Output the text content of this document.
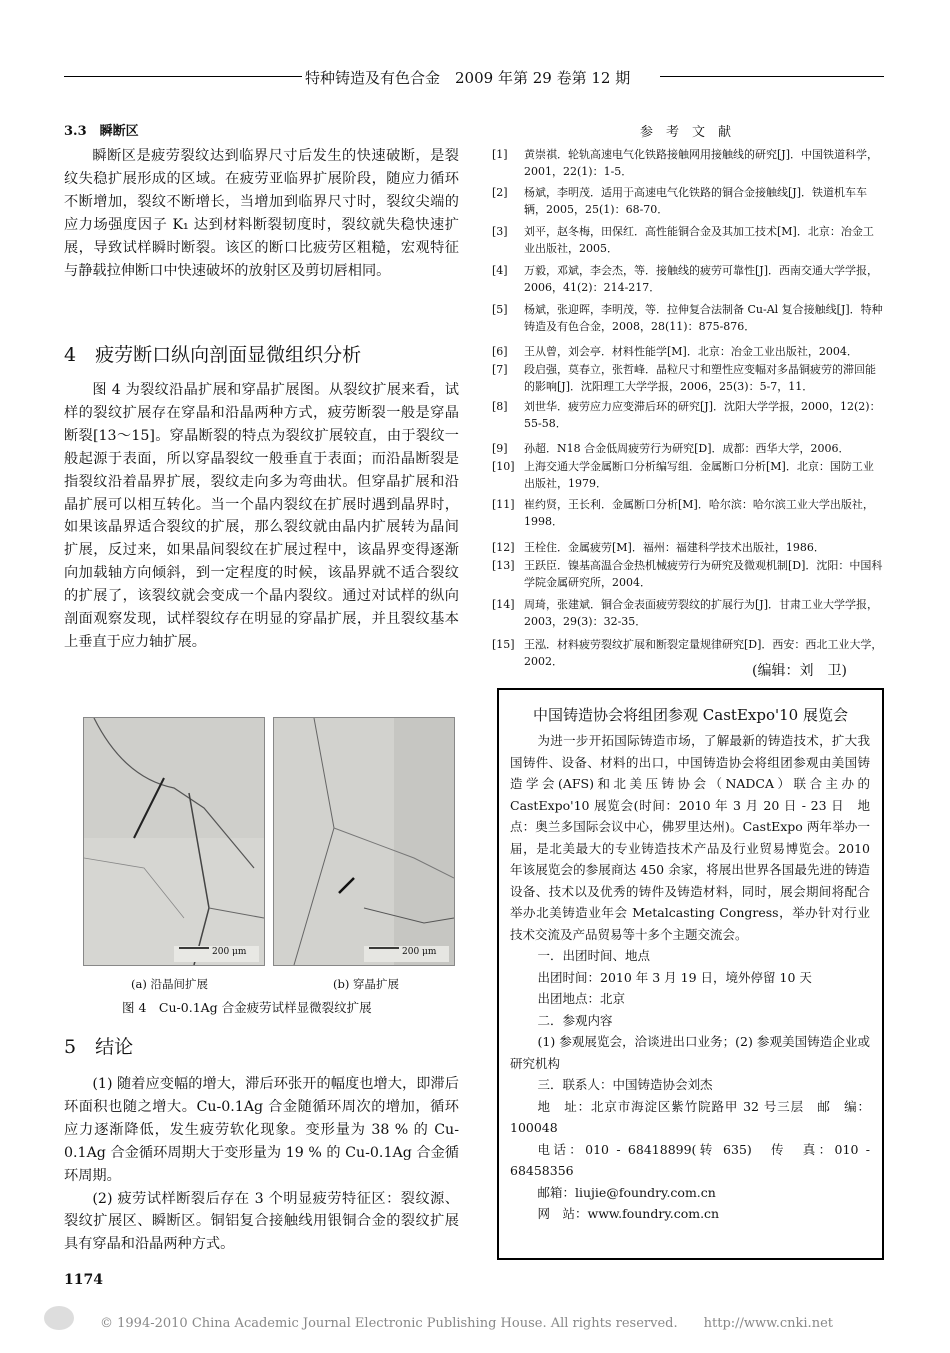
特种铸造及有色合金　2009 年第 29 卷第 12 期
3.3　瞬断区

瞬断区是疲劳裂纹达到临界尺寸后发生的快速破断，是裂纹失稳扩展形成的区域。在疲劳亚临界扩展阶段，随应力循环不断增加，裂纹不断增长，当增加到临界尺寸时，裂纹尖端的应力场强度因子 K₁ 达到材料断裂韧度时，裂纹就失稳快速扩展，导致试样瞬时断裂。该区的断口比疲劳区粗糙，宏观特征与静载拉伸断口中快速破坏的放射区及剪切唇相同。

4　疲劳断口纵向剖面显微组织分析

图 4 为裂纹沿晶扩展和穿晶扩展图。从裂纹扩展来看，试样的裂纹扩展存在穿晶和沿晶两种方式，疲劳断裂一般是穿晶断裂[13～15]。穿晶断裂的特点为裂纹扩展较直，由于裂纹一般起源于表面，所以穿晶裂纹一般垂直于表面；而沿晶断裂是指裂纹沿着晶界扩展，裂纹走向多为弯曲状。但穿晶扩展和沿晶扩展可以相互转化。当一个晶内裂纹在扩展时遇到晶界时，如果该晶界适合裂纹的扩展，那么裂纹就由晶内扩展转为晶间扩展，反过来，如果晶间裂纹在扩展过程中，该晶界变得逐渐向加载轴方向倾斜，到一定程度的时候，该晶界就不适合裂纹的扩展了，该裂纹就会变成一个晶内裂纹。通过对试样的纵向剖面观察发现，试样裂纹存在明显的穿晶扩展，并且裂纹基本上垂直于应力轴扩展。

200 μm	200 μm
(a) 沿晶间扩展	(b) 穿晶扩展
图 4　Cu-0.1Ag 合金疲劳试样显微裂纹扩展
5　结论

(1) 随着应变幅的增大，滞后环张开的幅度也增大，即滞后环面积也随之增大。Cu-0.1Ag 合金随循环周次的增加，循环应力逐渐降低，发生疲劳软化现象。变形量为 38 % 的 Cu-0.1Ag 合金循环周期大于变形量为 19 % 的 Cu-0.1Ag 合金循环周期。

(2) 疲劳试样断裂后存在 3 个明显疲劳特征区：裂纹源、裂纹扩展区、瞬断区。铜铝复合接触线用银铜合金的裂纹扩展具有穿晶和沿晶两种方式。

1174
参　考　文　献
[1]	黄崇祺．轮轨高速电气化铁路接触网用接触线的研究[J]．中国铁道科学，2001，22(1)：1-5．
[2]	杨斌，李明茂．适用于高速电气化铁路的铜合金接触线[J]．铁道机车车辆，2005，25(1)：68-70．
[3]	刘平，赵冬梅，田保红．高性能铜合金及其加工技术[M]．北京：冶金工业出版社，2005．
[4]	万毅，邓斌，李会杰，等．接触线的疲劳可靠性[J]．西南交通大学学报，2006，41(2)：214-217．
[5]	杨斌，张迎晖，李明茂，等．拉伸复合法制备 Cu-Al 复合接触线[J]．特种铸造及有色合金，2008，28(11)：875-876．
[6]	王从曾，刘会亭．材料性能学[M]．北京：冶金工业出版社，2004．
[7]	段启强，莫春立，张哲峰．晶粒尺寸和塑性应变幅对多晶铜疲劳的滞回能的影响[J]．沈阳理工大学学报，2006，25(3)：5-7，11．
[8]	刘世华．疲劳应力应变滞后环的研究[J]．沈阳大学学报，2000，12(2)：55-58．
[9]	孙超．N18 合金低周疲劳行为研究[D]．成都：西华大学，2006．
[10] 上海交通大学金属断口分析编写组．金属断口分析[M]．北京：国防工业出版社，1979．
[11] 崔约贤，王长利．金属断口分析[M]．哈尔滨：哈尔滨工业大学出版社，1998．
[12] 王栓住．金属疲劳[M]．福州：福建科学技术出版社，1986．
[13] 王跃臣．镍基高温合金热机械疲劳行为研究及微观机制[D]．沈阳：中国科学院金属研究所，2004．
[14] 周琦，张建斌．铜合金表面疲劳裂纹的扩展行为[J]．甘肃工业大学学报，2003，29(3)：32-35．
[15] 王泓．材料疲劳裂纹扩展和断裂定量规律研究[D]．西安：西北工业大学，2002．
(编辑：刘　卫)
中国铸造协会将组团参观 CastExpo'10 展览会

为进一步开拓国际铸造市场，了解最新的铸造技术，扩大我国铸件、设备、材料的出口，中国铸造协会将组团参观由美国铸造学会(AFS)和北美压铸协会（NADCA）联合主办的 CastExpo'10 展览会(时间：2010 年 3 月 20 日 - 23 日　地点：奥兰多国际会议中心，佛罗里达州)。CastExpo 两年举办一届，是北美最大的专业铸造技术产品及行业贸易博览会。2010 年该展览会的参展商达 450 余家，将展出世界各国最先进的铸造设备、技术以及优秀的铸件及铸造材料，同时，展会期间将配合举办北美铸造业年会 Metalcasting Congress，举办针对行业技术交流及产品贸易等十多个主题交流会。

一．出团时间、地点

出团时间：2010 年 3 月 19 日，境外停留 10 天

出团地点：北京

二．参观内容

(1) 参观展览会，洽谈进出口业务；(2) 参观美国铸造企业或研究机构

三．联系人：中国铸造协会刘杰

地　址：北京市海淀区紫竹院路甲 32 号三层　邮　编：100048

电话：010 - 68418899(转 635)　传　真：010 - 68458356

邮箱：liujie@foundry.com.cn

网　站：www.foundry.com.cn

© 1994-2010 China Academic Journal Electronic Publishing House. All rights reserved.　　http://www.cnki.net
